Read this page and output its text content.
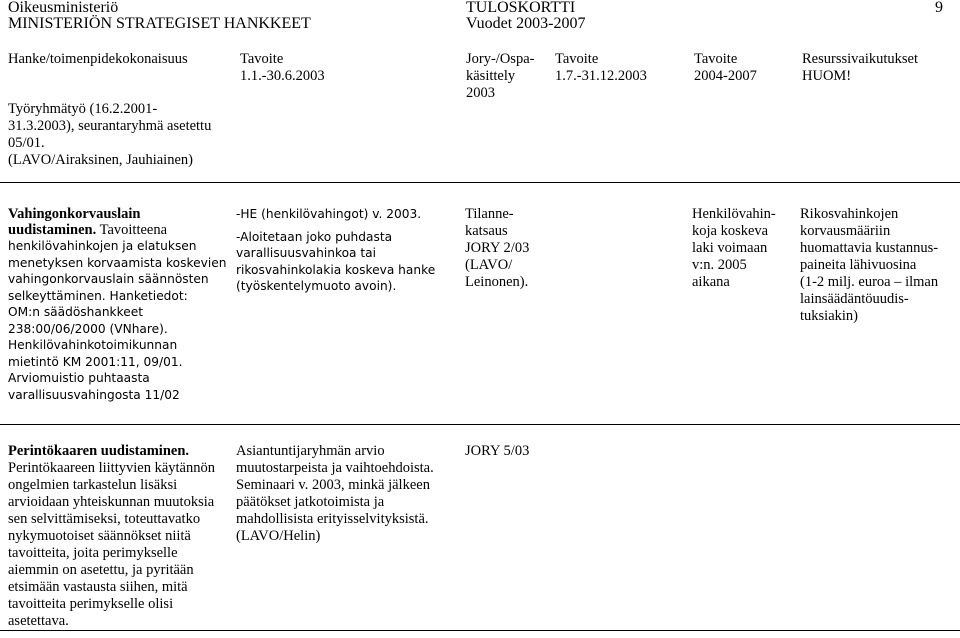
Oikeusministeriö
MINISTERIÖN STRATEGISET HANKKEET
TULOSKORTTI
Vuodet 2003-2007
9
Hanke/toimenpidekokonaisuus	Tavoite
1.1.-30.6.2003
Jory-/Ospa-
käsittely
2003
Tavoite
1.7.-31.12.2003
Tavoite
2004-2007
Resurssivaikutukset
HUOM!
Työryhmätyö (16.2.2001-
31.3.2003), seurantaryhmä asetettu
05/01.
(LAVO/Airaksinen, Jauhiainen)
Vahingonkorvauslain
uudistaminen. Tavoitteena
henkilövahinkojen ja elatuksen
menetyksen korvaamista koskevien
vahingonkorvauslain säännösten
selkeyttäminen. Hanketiedot:
OM:n säädöshankkeet
238:00/06/2000 (VNhare).
Henkilövahinkotoimikunnan
mietintö KM 2001:11, 09/01.
Arviomuistio puhtaasta
varallisuusvahingosta 11/02
-HE (henkilövahingot) v. 2003.
-Aloitetaan joko puhdasta
varallisuusvahinkoa tai
rikosvahinkolakia koskeva hanke
(työskentelymuoto avoin).
Tilanne-
katsaus
JORY 2/03
(LAVO/
Leinonen).
Henkilövahin-
koja koskeva
laki voimaan
v:n. 2005
aikana
Rikosvahinkojen
korvausmääriin
huomattavia kustannus-
paineita lähivuosina
(1-2 milj. euroa – ilman
lainsäädäntöuudis-
tuksiakin)
Perintökaaren uudistaminen.
Perintökaareen liittyvien käytännön
ongelmien tarkastelun lisäksi
arvioidaan yhteiskunnan muutoksia
sen selvittämiseksi, toteuttavatko
nykymuotoiset säännökset niitä
tavoitteita, joita perimykselle
aiemmin on asetettu, ja pyritään
etsimään vastausta siihen, mitä
tavoitteita perimykselle olisi
asetettava.
Asiantuntijaryhmän arvio
muutostarpeista ja vaihtoehdoista.
Seminaari v. 2003, minkä jälkeen
päätökset jatkotoimista ja
mahdollisista erityisselvityksistä.
(LAVO/Helin)
JORY 5/03
